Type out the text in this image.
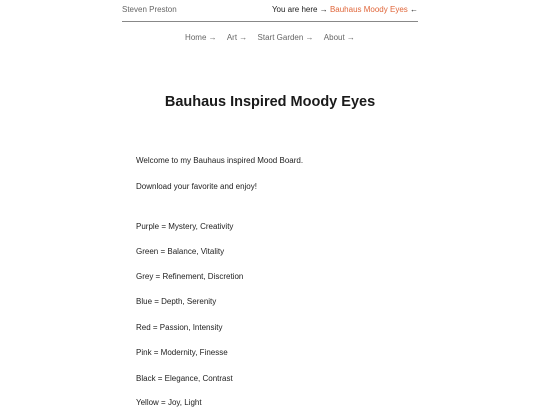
Steven Preston	You are here → Bauhaus Moody Eyes ←
Home → Art → Start Garden → About →
Bauhaus Inspired Moody Eyes

Welcome to my Bauhaus inspired Mood Board.

Download your favorite and enjoy!

Purple = Mystery, Creativity

Green = Balance, Vitality

Grey = Refinement, Discretion

Blue = Depth, Serenity

Red = Passion, Intensity

Pink = Modernity, Finesse

Black = Elegance, Contrast

Yellow = Joy, Light
